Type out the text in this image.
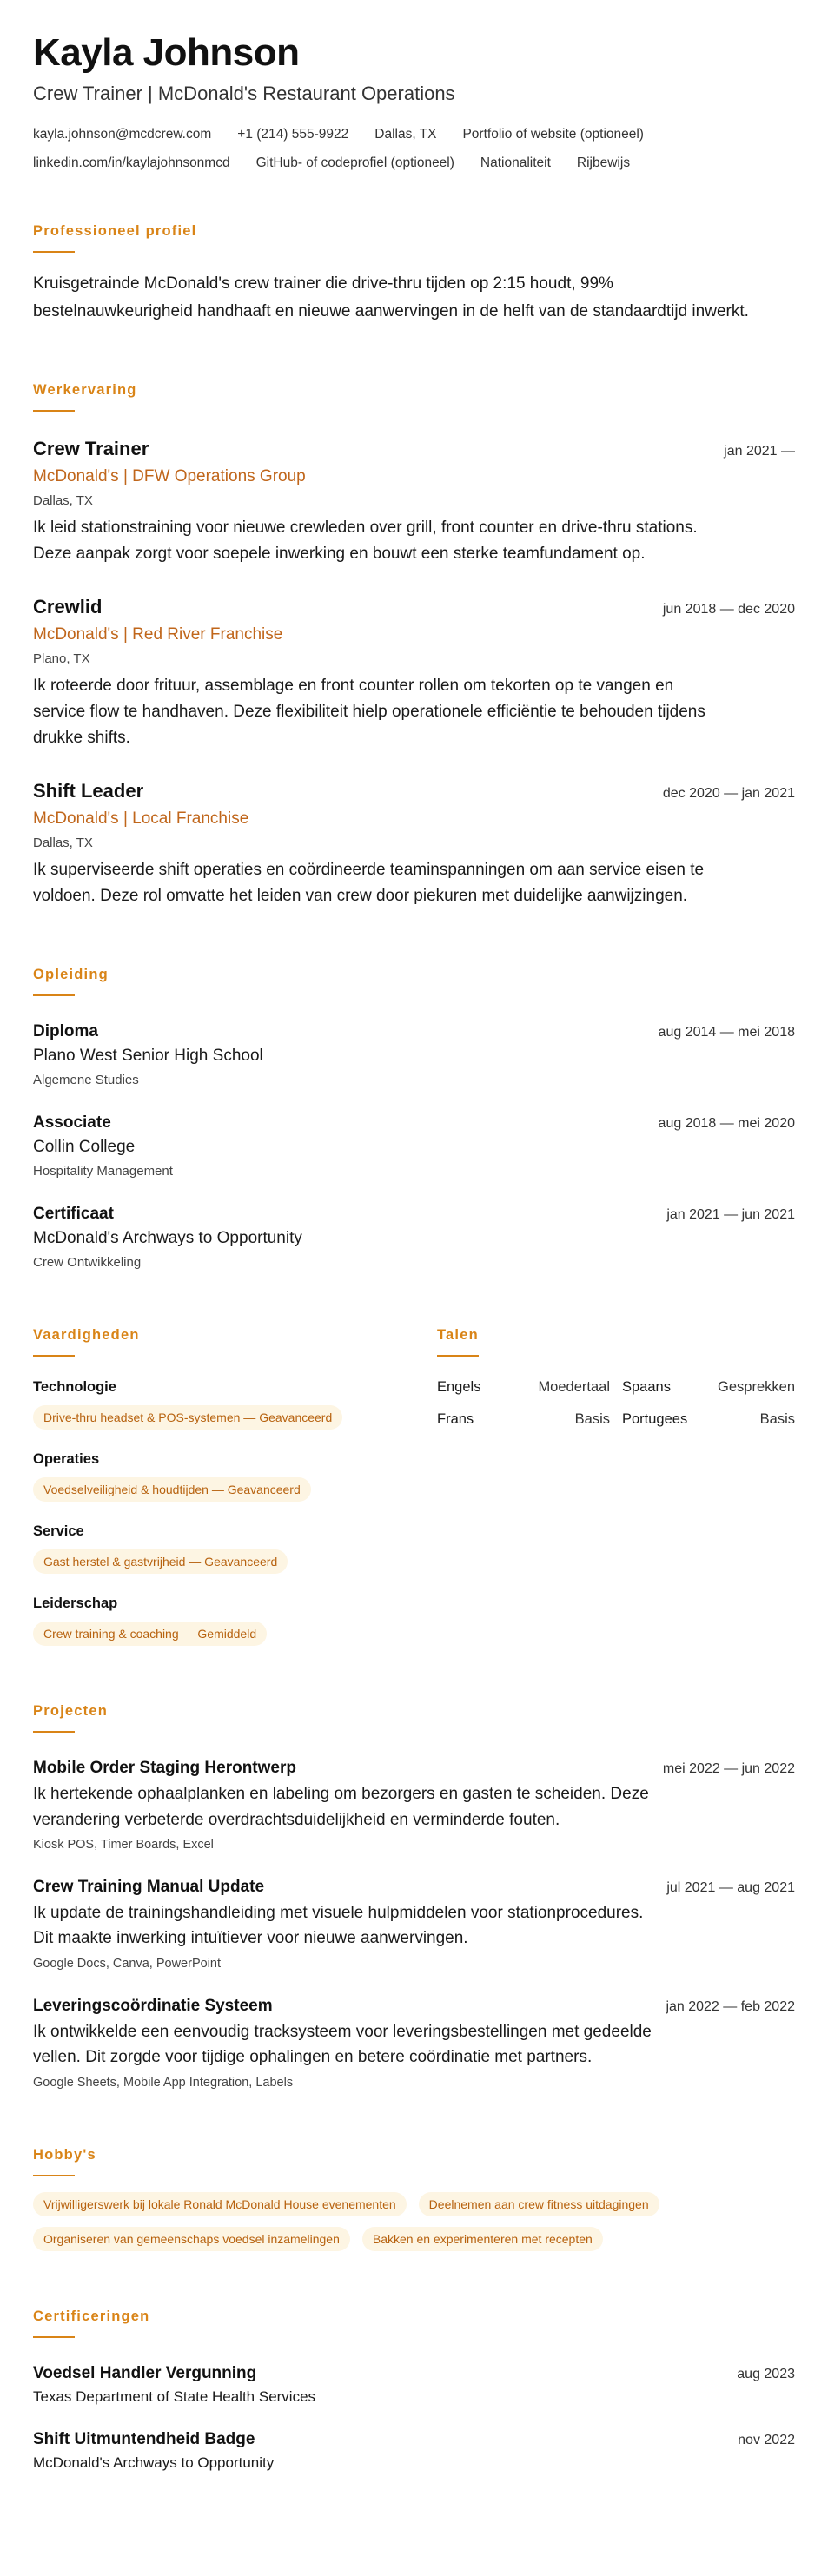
Kayla Johnson
Crew Trainer | McDonald's Restaurant Operations
kayla.johnson@mcdcrew.com +1 (214) 555-9922 Dallas, TX Portfolio of website (optioneel)
linkedin.com/in/kaylajohnsonmcd GitHub- of codeprofiel (optioneel) Nationaliteit Rijbewijs
Professioneel profiel
Kruisgetrainde McDonald's crew trainer die drive-thru tijden op 2:15 houdt, 99% bestelnauwkeurigheid handhaaft en nieuwe aanwervingen in de helft van de standaardtijd inwerkt.
Werkervaring
Crew Trainer	jan 2021 —
McDonald's | DFW Operations Group
Dallas, TX
Ik leid stationstraining voor nieuwe crewleden over grill, front counter en drive-thru stations. Deze aanpak zorgt voor soepele inwerking en bouwt een sterke teamfundament op.
Crewlid	jun 2018 — dec 2020
McDonald's | Red River Franchise
Plano, TX
Ik roteerde door frituur, assemblage en front counter rollen om tekorten op te vangen en service flow te handhaven. Deze flexibiliteit hielp operationele efficiëntie te behouden tijdens drukke shifts.
Shift Leader	dec 2020 — jan 2021
McDonald's | Local Franchise
Dallas, TX
Ik superviseerde shift operaties en coördineerde teaminspanningen om aan service eisen te voldoen. Deze rol omvatte het leiden van crew door piekuren met duidelijke aanwijzingen.
Opleiding
Diploma	aug 2014 — mei 2018
Plano West Senior High School
Algemene Studies
Associate	aug 2018 — mei 2020
Collin College
Hospitality Management
Certificaat	jan 2021 — jun 2021
McDonald's Archways to Opportunity
Crew Ontwikkeling
Vaardigheden
Technologie
Drive-thru headset & POS-systemen — Geavanceerd
Operaties
Voedselveiligheid & houdtijden — Geavanceerd
Service
Gast herstel & gastvrijheid — Geavanceerd
Leiderschap
Crew training & coaching — Gemiddeld
Talen
Engels	Moedertaal Spaans	Gesprekken
Frans	Basis Portugees	Basis
Projecten
Mobile Order Staging Herontwerp	mei 2022 — jun 2022
Ik hertekende ophaalplanken en labeling om bezorgers en gasten te scheiden. Deze verandering verbeterde overdrachtsduidelijkheid en verminderde fouten.
Kiosk POS, Timer Boards, Excel
Crew Training Manual Update	jul 2021 — aug 2021
Ik update de trainingshandleiding met visuele hulpmiddelen voor stationprocedures. Dit maakte inwerking intuïtiever voor nieuwe aanwervingen.
Google Docs, Canva, PowerPoint
Leveringscoördinatie Systeem	jan 2022 — feb 2022
Ik ontwikkelde een eenvoudig tracksysteem voor leveringsbestellingen met gedeelde vellen. Dit zorgde voor tijdige ophalingen en betere coördinatie met partners.
Google Sheets, Mobile App Integration, Labels
Hobby's
Vrijwilligerswerk bij lokale Ronald McDonald House evenementen	Deelnemen aan crew fitness uitdagingen
Organiseren van gemeenschaps voedsel inzamelingen	Bakken en experimenteren met recepten
Certificeringen
Voedsel Handler Vergunning	aug 2023
Texas Department of State Health Services
Shift Uitmuntendheid Badge	nov 2022
McDonald's Archways to Opportunity
